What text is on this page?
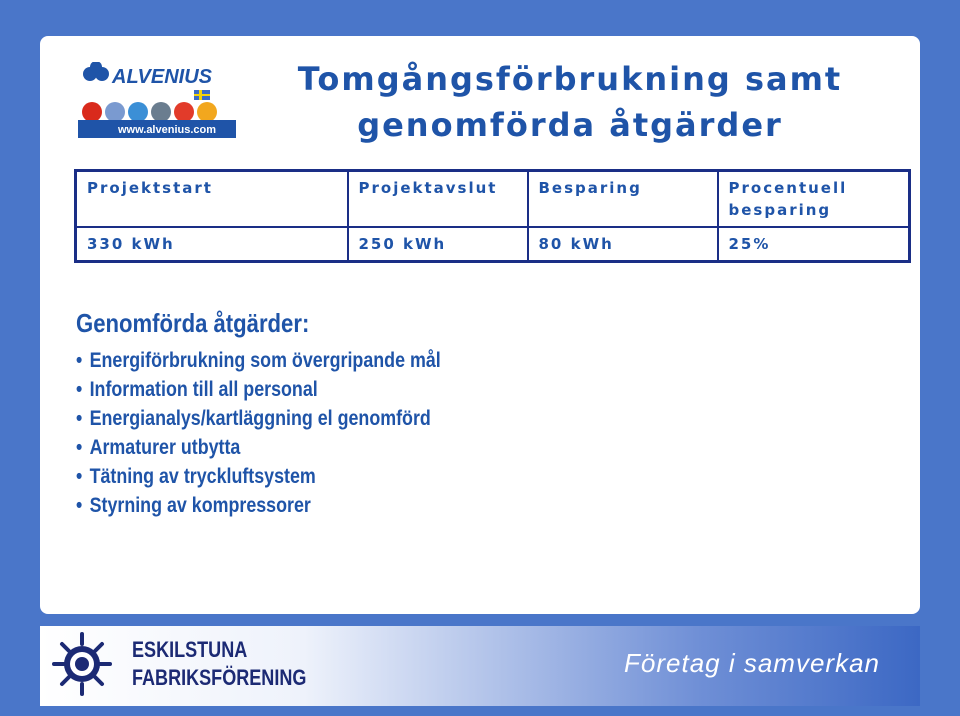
ALVENIUS
www.alvenius.com
Tomgångsförbrukning samt
genomförda åtgärder
Projektstart	Projektavslut	Besparing	Procentuell besparing
330 kWh	250 kWh	80 kWh	25%
Genomförda åtgärder:
• Energiförbrukning som övergripande mål
• Information till all personal
• Energianalys/kartläggning el genomförd
• Armaturer utbytta
• Tätning av tryckluftsystem
• Styrning av kompressorer
ESKILSTUNA
FABRIKSFÖRENING	Företag i samverkan
